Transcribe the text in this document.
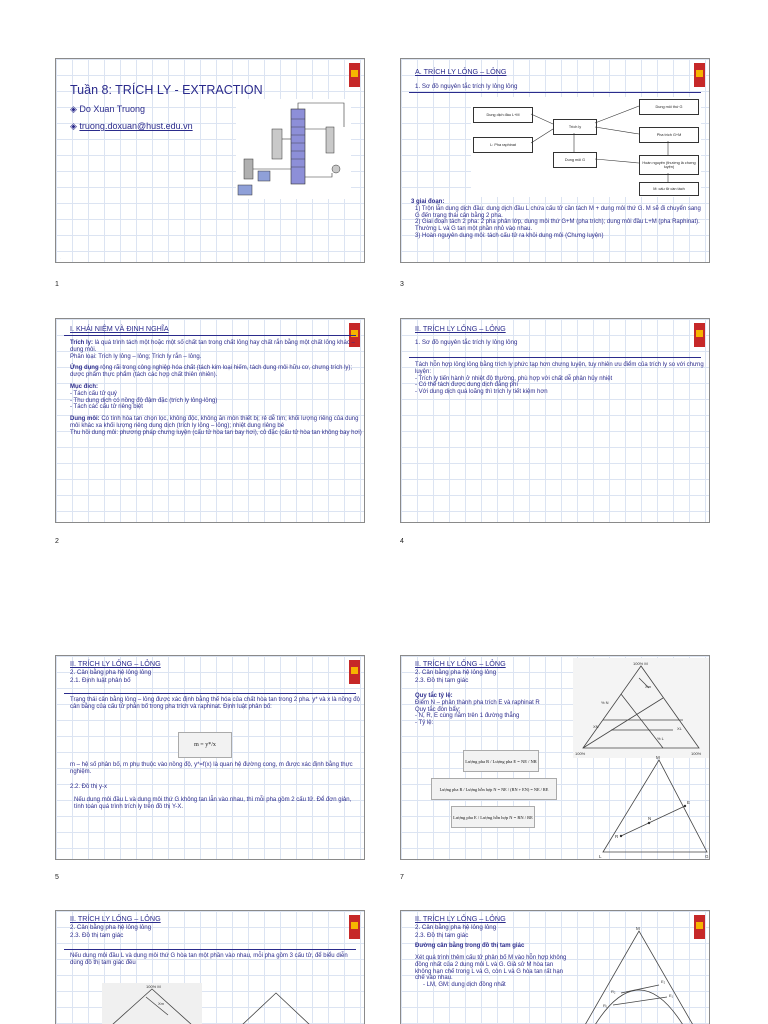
Tuần 8: TRÍCH LY - EXTRACTION
◈ Do Xuan Truong
◈ truong.doxuan@hust.edu.vn
·
1
A. TRÍCH LY LỎNG – LỎNG
1. Sơ đồ nguyên tắc trích ly lỏng lỏng
Dung dịch đầu L+M
Trích ly
L: Pha raphinat
Dung môi thứ G
Pha trích G+M
Dung môi G
Hoàn nguyên (thường là chưng luyện)
M: cấu tử cần tách
3 giai đoạn:
1) Trộn lẫn dung dịch đầu: dung dịch đầu L chứa cấu tử cần tách M + dung môi thứ G. M sẽ đi chuyển sang G đến trạng thái cân bằng 2 pha.
2) Giai đoạn tách 2 pha: 2 pha phân lớp, dung môi thứ G+M (pha trích); dung môi đầu L+M (pha Raphinat). Thường L và G tan một phần nhỏ vào nhau.
3) Hoàn nguyên dung môi: tách cấu tử ra khỏi dung môi (Chưng luyện)
3
I. KHÁI NIỆM VÀ ĐỊNH NGHĨA
Trích ly: là quá trình tách một hoặc một số chất tan trong chất lỏng hay chất rắn bằng một chất lỏng khác – dung môi.
Phân loại: Trích ly lỏng – lỏng; Trích ly rắn – lỏng.
Ứng dụng rộng rãi trong công nghiệp hóa chất (tách kim loại hiếm, tách dung môi hữu cơ, chưng trích ly); dược phẩm thực phẩm (tách các hợp chất thiên nhiên).
Mục đích:
- Tách cấu tử quý
- Thu dung dịch có nồng độ đậm đặc (trích ly lỏng-lỏng)
- Tách các cấu tử riêng biệt
Dung môi: Có tính hòa tan chọn lọc, không độc, không ăn mòn thiết bị; rẻ dễ tìm; khối lượng riêng của dung môi khác xa khối lượng riêng dung dịch (trích ly lỏng – lỏng); nhiệt dung riêng bé
Thu hồi dung môi: phương pháp chưng luyện (cấu tử hòa tan bay hơi), cô đặc (cấu tử hòa tan không bay hơi)
2
II. TRÍCH LY LỎNG – LỎNG
1. Sơ đồ nguyên tắc trích ly lỏng lỏng
Tách hỗn hợp lỏng lỏng bằng trích ly phức tạp hơn chưng luyện, tuy nhiên ưu điểm của trích ly so với chưng luyện:
- Trích ly tiến hành ở nhiệt độ thường, phù hợp với chất dễ phân hủy nhiệt
- Có thể tách được dung dịch đẳng phí
- Với dung dịch quá loãng thì trích ly tiết kiệm hơn
4
II. TRÍCH LY LỎNG – LỎNG
2. Cân bằng pha hệ lỏng lỏng
2.1. Định luật phân bố
Trạng thái cân bằng lỏng – lỏng được xác định bằng thế hóa của chất hòa tan trong 2 pha. y* và x là nồng độ cân bằng của cấu tử phân bố trong pha trích và raphinat. Định luật phân bố:
m = y*/x
m – hệ số phân bố, m phụ thuộc vào nồng độ, y*=f(x) là quan hệ đường cong, m được xác định bằng thực nghiệm.
2.2. Đồ thị y-x
Nếu dung môi đầu L và dung môi thứ G không tan lẫn vào nhau, thì mỗi pha gồm 2 cấu tử. Để đơn giản, tính toán quá trình trích ly trên đồ thị Y-X.
5
II. TRÍCH LY LỎNG – LỎNG
2. Cân bằng pha hệ lỏng lỏng
2.3. Đồ thị tam giác
Quy tắc tỷ lệ:
Điểm N – phân thành pha trích E và raphinat R
Quy tắc đòn bẩy:
- N, R, E cùng nằm trên 1 đường thẳng
- Tỷ lệ:
Lượng pha R / Lượng pha E = NE / NR
Lượng pha R / Lượng hỗn hợp N = NE / (RN + EN) = NE / RE
Lượng pha E / Lượng hỗn hợp N = RN / RE
100% M
100%	100%
% N
% L
Xm
XN	XL
M
E
N
R
L	G
7
II. TRÍCH LY LỎNG – LỎNG
2. Cân bằng pha hệ lỏng lỏng
2.3. Đồ thị tam giác
Nếu dung môi đầu L và dung môi thứ G hòa tan một phần vào nhau, mỗi pha gồm 3 cấu tử, để biểu diễn dùng đồ thị tam giác đều
100% M
Xm
II. TRÍCH LY LỎNG – LỎNG
2. Cân bằng pha hệ lỏng lỏng
2.3. Đồ thị tam giác
Đường cân bằng trong đồ thị tam giác
Xét quá trình thêm cấu tử phân bố M vào hỗn hợp không đồng nhất của 2 dung môi L và G. Giả sử M hòa tan không hạn chế trong L và G, còn L và G hòa tan rất hạn chế vào nhau.
- LM, GM: dung dịch đồng nhất
M
R₁
R₂
E₁
E₂
